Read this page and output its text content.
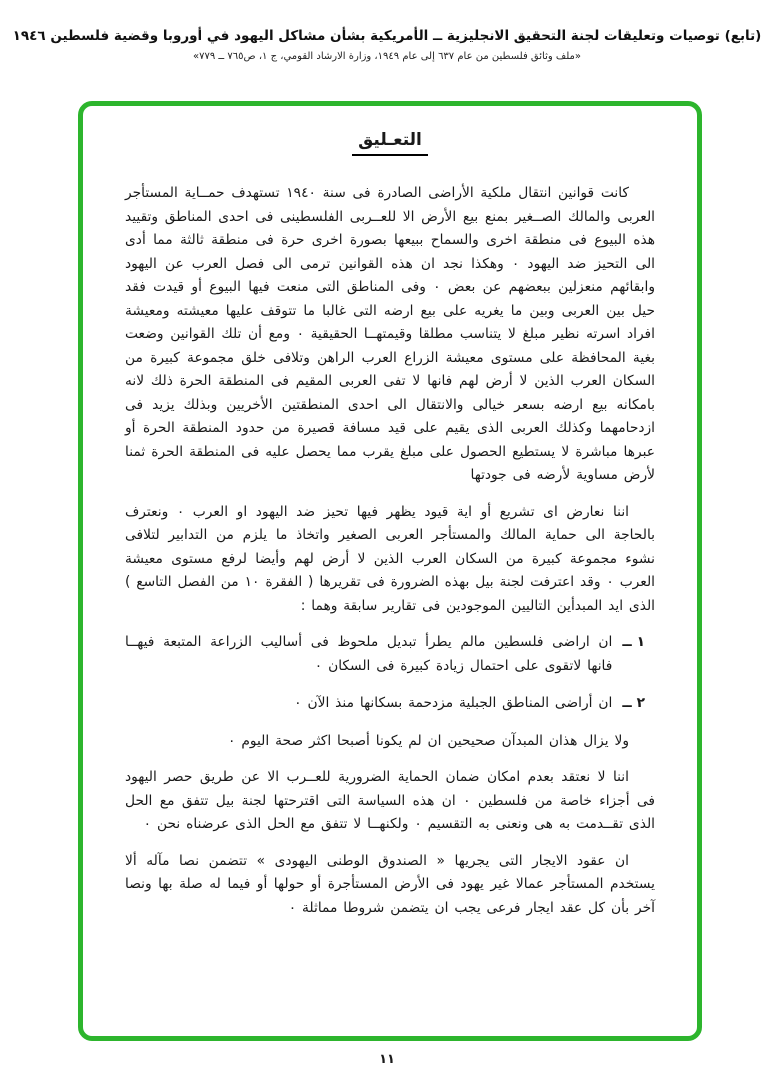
(تابع) توصيات وتعليقات لجنة التحقيق الانجليزية ــ الأمريكية بشأن مشاكل اليهود في أوروبا وقضية فلسطين ١٩٤٦
«ملف وثائق فلسطين من عام ٦٣٧ إلى عام ١٩٤٩، وزارة الارشاد القومي، ج ١، ص٧٦٥ ــ ٧٧٩»
التعـليق

كانت قوانين انتقال ملكية الأراضى الصادرة فى سنة ١٩٤٠ تستهدف حمــاية المستأجر العربى والمالك الصــغير بمنع بيع الأرض الا للعــربى الفلسطينى فى احدى المناطق وتقييد هذه البيوع فى منطقة اخرى والسماح ببيعها بصورة اخرى حرة فى منطقة ثالثة مما أدى الى التحيز ضد اليهود ٠ وهكذا نجد ان هذه القوانين ترمى الى فصل العرب عن اليهود وابقائهم منعزلين ببعضهم عن بعض ٠ وفى المناطق التى منعت فيها البيوع أو قيدت فقد حيل بين العربى وبين ما يغريه على بيع ارضه التى غالبا ما تتوقف عليها معيشته ومعيشة افراد اسرته نظير مبلغ لا يتناسب مطلقا وقيمتهــا الحقيقية ٠ ومع أن تلك القوانين وضعت بغية المحافظة على مستوى معيشة الزراع العرب الراهن وتلافى خلق مجموعة كبيرة من السكان العرب الذين لا أرض لهم فانها لا تفى العربى المقيم فى المنطقة الحرة ذلك لانه بامكانه بيع ارضه بسعر خيالى والانتقال الى احدى المنطقتين الأخريين وبذلك يزيد فى ازدحامهما وكذلك العربى الذى يقيم على قيد مسافة قصيرة من حدود المنطقة الحرة أو عبرها مباشرة لا يستطيع الحصول على مبلغ يقرب مما يحصل عليه فى المنطقة الحرة ثمنا لأرض مساوية لأرضه فى جودتها

اننا نعارض اى تشريع أو اية قيود يظهر فيها تحيز ضد اليهود او العرب ٠ ونعترف بالحاجة الى حماية المالك والمستأجر العربى الصغير واتخاذ ما يلزم من التدابير لتلافى نشوء مجموعة كبيرة من السكان العرب الذين لا أرض لهم وأيضا لرفع مستوى معيشة العرب ٠ وقد اعترفت لجنة بيل بهذه الضرورة فى تقريرها ( الفقرة ١٠ من الفصل التاسع ) الذى ايد المبدأين التاليين الموجودين فى تقارير سابقة وهما :

١ ــ
ان اراضى فلسطين مالم يطرأ تبديل ملحوظ فى أساليب الزراعة المتبعة فيهــا فانها لاتقوى على احتمال زيادة كبيرة فى السكان ٠
٢ ــ
ان أراضى المناطق الجبلية مزدحمة بسكانها منذ الآن ٠

ولا يزال هذان المبدآن صحيحين ان لم يكونا أصبحا اكثر صحة اليوم ٠

اننا لا نعتقد بعدم امكان ضمان الحماية الضرورية للعــرب الا عن طريق حصر اليهود فى أجزاء خاصة من فلسطين ٠ ان هذه السياسة التى اقترحتها لجنة بيل تتفق مع الحل الذى تقــدمت به هى ونعنى به التقسيم ٠ ولكنهــا لا تتفق مع الحل الذى عرضناه نحن ٠

ان عقود الايجار التى يجريها « الصندوق الوطنى اليهودى » تتضمن نصا مآله ألا يستخدم المستأجر عمالا غير يهود فى الأرض المستأجرة أو حولها أو فيما له صلة بها ونصا آخر بأن كل عقد ايجار فرعى يجب ان يتضمن شروطا مماثلة ٠

١١
